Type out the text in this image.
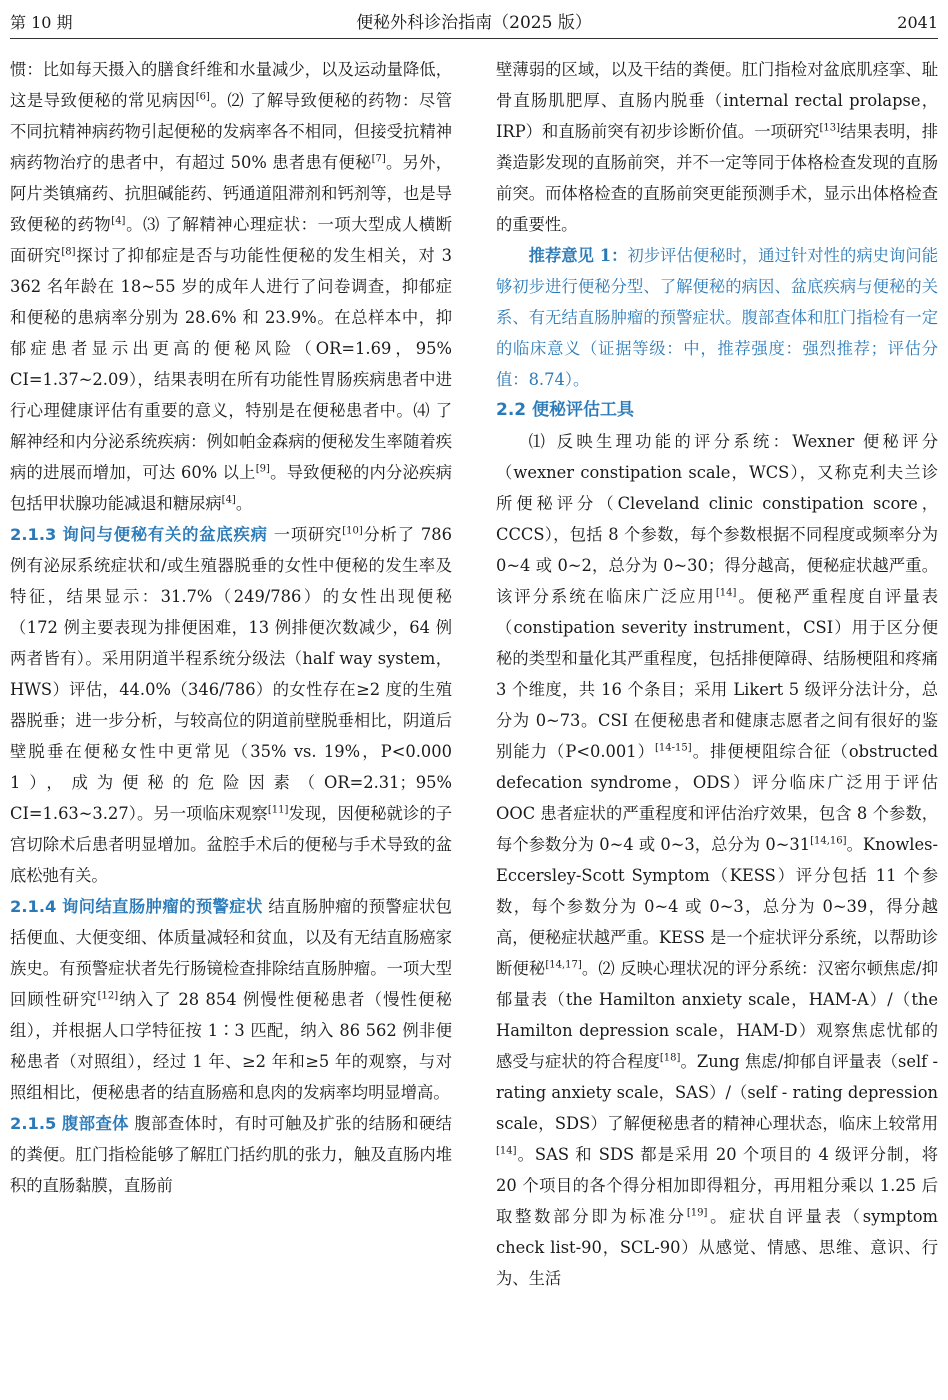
第 10 期	便秘外科诊治指南（2025 版）	2041

惯：比如每天摄入的膳食纤维和水量减少，以及运动量降低，这是导致便秘的常见病因[6]。⑵ 了解导致便秘的药物：尽管不同抗精神病药物引起便秘的发病率各不相同，但接受抗精神病药物治疗的患者中，有超过 50% 患者患有便秘[7]。另外，阿片类镇痛药、抗胆碱能药、钙通道阻滞剂和钙剂等，也是导致便秘的药物[4]。⑶ 了解精神心理症状：一项大型成人横断面研究[8]探讨了抑郁症是否与功能性便秘的发生相关，对 3 362 名年龄在 18~55 岁的成年人进行了问卷调查，抑郁症和便秘的患病率分别为 28.6% 和 23.9%。在总样本中，抑郁症患者显示出更高的便秘风险（OR=1.69，95% CI=1.37~2.09），结果表明在所有功能性胃肠疾病患者中进行心理健康评估有重要的意义，特别是在便秘患者中。⑷ 了解神经和内分泌系统疾病：例如帕金森病的便秘发生率随着疾病的进展而增加，可达 60% 以上[9]。导致便秘的内分泌疾病包括甲状腺功能减退和糖尿病[4]。

2.1.3 询问与便秘有关的盆底疾病 一项研究[10]分析了 786 例有泌尿系统症状和/或生殖器脱垂的女性中便秘的发生率及特征，结果显示：31.7%（249/786）的女性出现便秘（172 例主要表现为排便困难，13 例排便次数减少，64 例两者皆有）。采用阴道半程系统分级法（half way system，HWS）评估，44.0%（346/786）的女性存在≥2 度的生殖器脱垂；进一步分析，与较高位的阴道前壁脱垂相比，阴道后壁脱垂在便秘女性中更常见（35% vs. 19%，P<0.000 1），成为便秘的危险因素（OR=2.31；95% CI=1.63~3.27）。另一项临床观察[11]发现，因便秘就诊的子宫切除术后患者明显增加。盆腔手术后的便秘与手术导致的盆底松弛有关。

2.1.4 询问结直肠肿瘤的预警症状 结直肠肿瘤的预警症状包括便血、大便变细、体质量减轻和贫血，以及有无结直肠癌家族史。有预警症状者先行肠镜检查排除结直肠肿瘤。一项大型回顾性研究[12]纳入了 28 854 例慢性便秘患者（慢性便秘组），并根据人口学特征按 1∶3 匹配，纳入 86 562 例非便秘患者（对照组），经过 1 年、≥2 年和≥5 年的观察，与对照组相比，便秘患者的结直肠癌和息肉的发病率均明显增高。

2.1.5 腹部查体 腹部查体时，有时可触及扩张的结肠和硬结的粪便。肛门指检能够了解肛门括约肌的张力，触及直肠内堆积的直肠黏膜，直肠前

壁薄弱的区域，以及干结的粪便。肛门指检对盆底肌痉挛、耻骨直肠肌肥厚、直肠内脱垂（internal rectal prolapse，IRP）和直肠前突有初步诊断价值。一项研究[13]结果表明，排粪造影发现的直肠前突，并不一定等同于体格检查发现的直肠前突。而体格检查的直肠前突更能预测手术，显示出体格检查的重要性。

推荐意见 1：初步评估便秘时，通过针对性的病史询问能够初步进行便秘分型、了解便秘的病因、盆底疾病与便秘的关系、有无结直肠肿瘤的预警症状。腹部查体和肛门指检有一定的临床意义（证据等级：中，推荐强度：强烈推荐；评估分值：8.74）。

2.2 便秘评估工具

⑴ 反映生理功能的评分系统：Wexner 便秘评分（wexner constipation scale，WCS），又称克利夫兰诊所便秘评分（Cleveland clinic constipation score，CCCS），包括 8 个参数，每个参数根据不同程度或频率分为 0~4 或 0~2，总分为 0~30；得分越高，便秘症状越严重。该评分系统在临床广泛应用[14]。便秘严重程度自评量表（constipation severity instrument，CSI）用于区分便秘的类型和量化其严重程度，包括排便障碍、结肠梗阻和疼痛 3 个维度，共 16 个条目；采用 Likert 5 级评分法计分，总分为 0~73。CSI 在便秘患者和健康志愿者之间有很好的鉴别能力（P<0.001）[14-15]。排便梗阻综合征（obstructed defecation syndrome，ODS）评分临床广泛用于评估 OOC 患者症状的严重程度和评估治疗效果，包含 8 个参数，每个参数分为 0~4 或 0~3，总分为 0~31[14,16]。Knowles-Eccersley-Scott Symptom（KESS）评分包括 11 个参数，每个参数分为 0~4 或 0~3，总分为 0~39，得分越高，便秘症状越严重。KESS 是一个症状评分系统，以帮助诊断便秘[14,17]。⑵ 反映心理状况的评分系统：汉密尔顿焦虑/抑郁量表（the Hamilton anxiety scale，HAM-A）/（the Hamilton depression scale，HAM-D）观察焦虑忧郁的感受与症状的符合程度[18]。Zung 焦虑/抑郁自评量表（self - rating anxiety scale，SAS）/（self - rating depression scale，SDS）了解便秘患者的精神心理状态，临床上较常用[14]。SAS 和 SDS 都是采用 20 个项目的 4 级评分制，将 20 个项目的各个得分相加即得粗分，再用粗分乘以 1.25 后取整数部分即为标准分[19]。症状自评量表（symptom check list-90，SCL-90）从感觉、情感、思维、意识、行为、生活
